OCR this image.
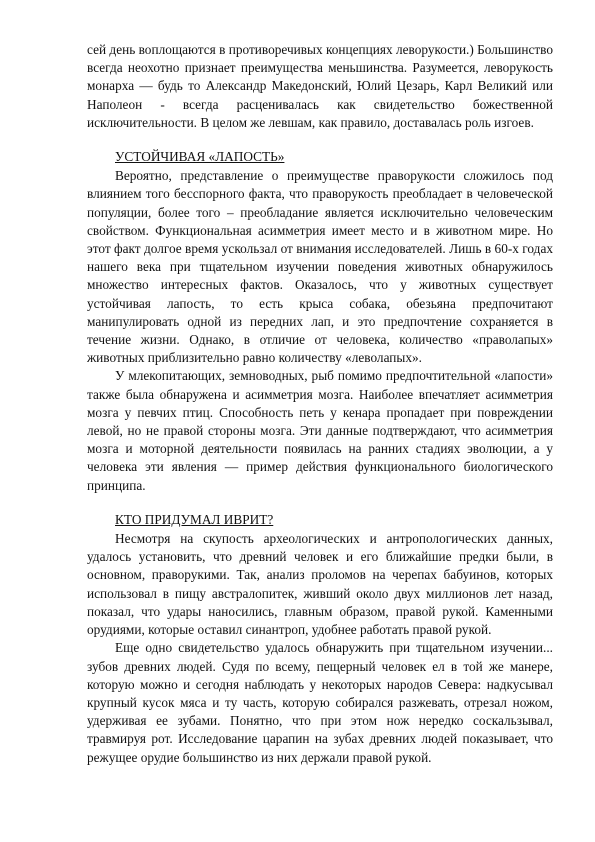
сей день воплощаются в противоречивых концепциях леворукости.) Большинство всегда неохотно признает преимущества меньшинства. Разумеется, леворукость монарха — будь то Александр Македонский, Юлий Цезарь, Карл Великий или Наполеон - всегда расценивалась как свидетельство божественной исключительности. В целом же левшам, как правило, доставалась роль изгоев.

УСТОЙЧИВАЯ «ЛАПОСТЬ»

Вероятно, представление о преимуществе праворукости сложилось под влиянием того бесспорного факта, что праворукость преобладает в человеческой популяции, более того – преобладание является исключительно человеческим свойством. Функциональная асимметрия имеет место и в животном мире. Но этот факт долгое время ускользал от внимания исследователей. Лишь в 60-х годах нашего века при тщательном изучении поведения животных обнаружилось множество интересных фактов. Оказалось, что у животных существует устойчивая лапость, то есть крыса собака, обезьяна предпочитают манипулировать одной из передних лап, и это предпочтение сохраняется в течение жизни. Однако, в отличие от человека, количество «праволапых» животных приблизительно равно количеству «леволапых».

У млекопитающих, земноводных, рыб помимо предпочтительной «лапости» также была обнаружена и асимметрия мозга. Наиболее впечатляет асимметрия мозга у певчих птиц. Способность петь у кенара пропадает при повреждении левой, но не правой стороны мозга. Эти данные подтверждают, что асимметрия мозга и моторной деятельности появилась на ранних стадиях эволюции, а у человека эти явления — пример действия функционального биологического принципа.

КТО ПРИДУМАЛ ИВРИТ?

Несмотря на скупость археологических и антропологических данных, удалось установить, что древний человек и его ближайшие предки были, в основном, праворукими. Так, анализ проломов на черепах бабуинов, которых использовал в пищу австралопитек, живший около двух миллионов лет назад, показал, что удары наносились, главным образом, правой рукой. Каменными орудиями, которые оставил синантроп, удобнее работать правой рукой.

Еще одно свидетельство удалось обнаружить при тщательном изучении... зубов древних людей. Судя по всему, пещерный человек ел в той же манере, которую можно и сегодня наблюдать у некоторых народов Севера: надкусывал крупный кусок мяса и ту часть, которую собирался разжевать, отрезал ножом, удерживая ее зубами. Понятно, что при этом нож нередко соскальзывал, травмируя рот. Исследование царапин на зубах древних людей показывает, что режущее орудие большинство из них держали правой рукой.
